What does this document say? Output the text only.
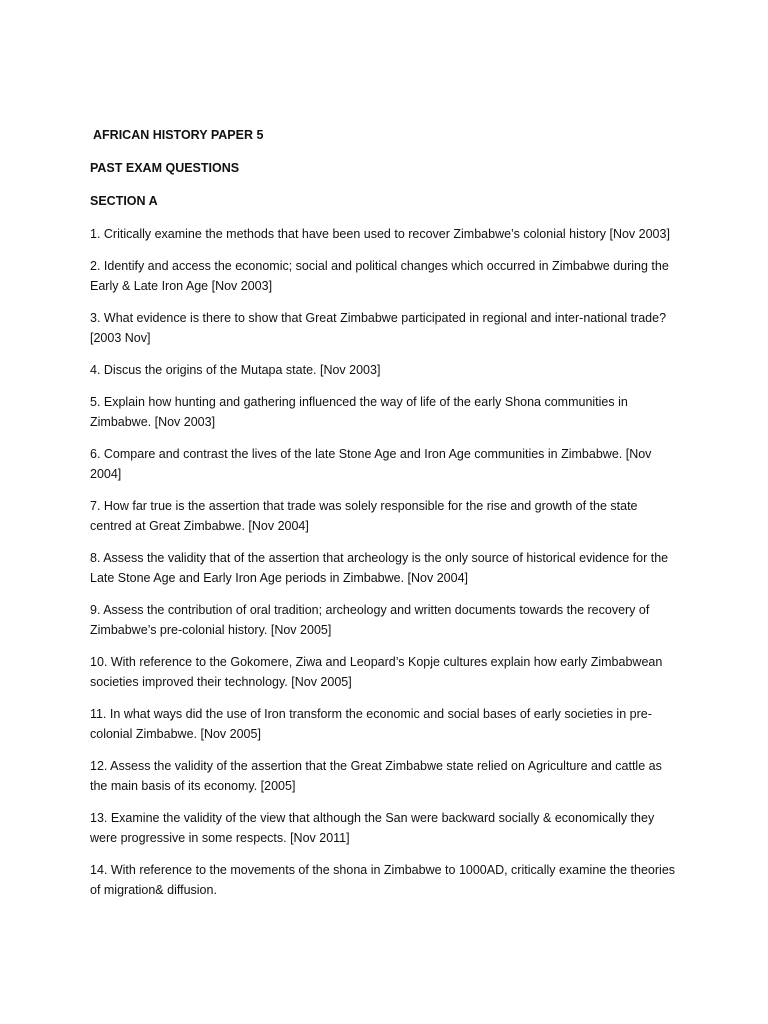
AFRICAN HISTORY PAPER 5
PAST EXAM QUESTIONS
SECTION A
1. Critically examine the methods that have been used to recover Zimbabwe’s colonial history [Nov 2003]
2. Identify and access the economic; social and political changes which occurred in Zimbabwe during the Early & Late Iron Age [Nov 2003]
3. What evidence is there to show that Great Zimbabwe participated in regional and inter-national trade? [2003 Nov]
4. Discus the origins of the Mutapa state. [Nov 2003]
5. Explain how hunting and gathering influenced the way of life of the early Shona communities in Zimbabwe. [Nov 2003]
6. Compare and contrast the lives of the late Stone Age and Iron Age communities in Zimbabwe. [Nov 2004]
7. How far true is the assertion that trade was solely responsible for the rise and growth of the state centred at Great Zimbabwe. [Nov 2004]
8. Assess the validity that of the assertion that archeology is the only source of historical evidence for the Late Stone Age and Early Iron Age periods in Zimbabwe. [Nov 2004]
9. Assess the contribution of oral tradition; archeology and written documents towards the recovery of Zimbabwe’s pre-colonial history. [Nov 2005]
10. With reference to the Gokomere, Ziwa and Leopard’s Kopje cultures explain how early Zimbabwean societies improved their technology. [Nov 2005]
11. In what ways did the use of Iron transform the economic and social bases of early societies in pre-colonial Zimbabwe. [Nov 2005]
12. Assess the validity of the assertion that the Great Zimbabwe state relied on Agriculture and cattle as the main basis of its economy. [2005]
13. Examine the validity of the view that although the San were backward socially & economically they were progressive in some respects. [Nov 2011]
14. With reference to the movements of the shona in Zimbabwe to 1000AD, critically examine the theories of migration& diffusion.
